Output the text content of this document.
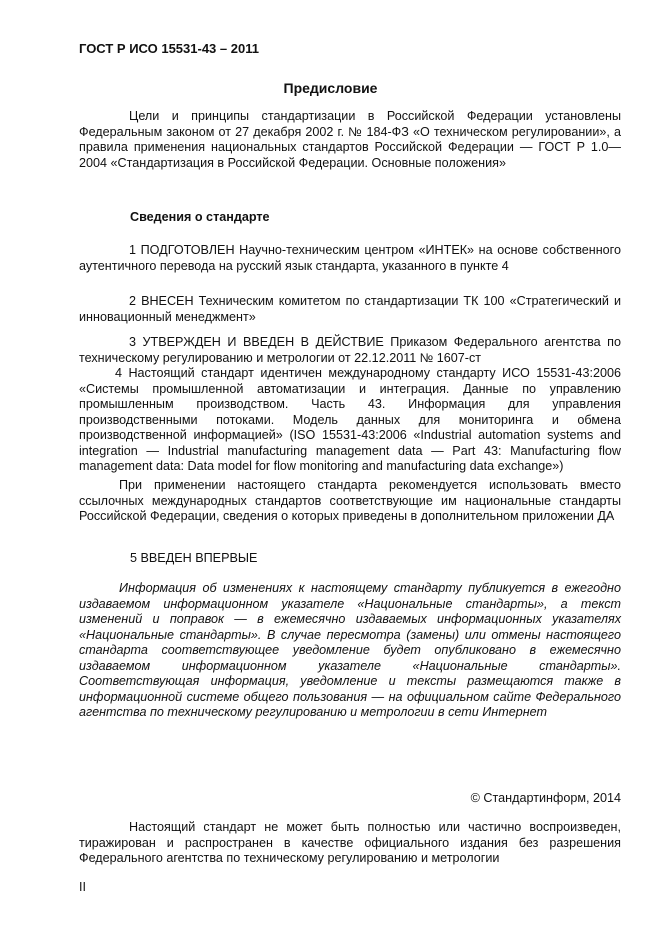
ГОСТ Р ИСО 15531-43 – 2011
Предисловие
Цели и принципы стандартизации в Российской Федерации установлены Федеральным законом от 27 декабря 2002 г. № 184-ФЗ «О техническом регулировании», а правила применения национальных стандартов Российской Федерации — ГОСТ Р 1.0—2004 «Стандартизация в Российской Федерации. Основные положения»
Сведения о стандарте
1 ПОДГОТОВЛЕН Научно-техническим центром «ИНТЕК» на основе собственного аутентичного перевода на русский язык стандарта, указанного в пункте 4
2 ВНЕСЕН Техническим комитетом по стандартизации ТК 100 «Стратегический и инновационный менеджмент»
3 УТВЕРЖДЕН И ВВЕДЕН В ДЕЙСТВИЕ Приказом Федерального агентства по техническому регулированию и метрологии от 22.12.2011 № 1607-ст
4 Настоящий стандарт идентичен международному стандарту ИСО 15531-43:2006 «Системы промышленной автоматизации и интеграция. Данные по управлению промышленным производством. Часть 43. Информация для управления производственными потоками. Модель данных для мониторинга и обмена производственной информацией» (ISO 15531-43:2006 «Industrial automation systems and integration — Industrial manufacturing management data — Part 43: Manufacturing flow management data: Data model for flow monitoring and manufacturing data exchange»)
При применении настоящего стандарта рекомендуется использовать вместо ссылочных международных стандартов соответствующие им национальные стандарты Российской Федерации, сведения о которых приведены в дополнительном приложении ДА
5 ВВЕДЕН ВПЕРВЫЕ
Информация об изменениях к настоящему стандарту публикуется в ежегодно издаваемом информационном указателе «Национальные стандарты», а текст изменений и поправок — в ежемесячно издаваемых информационных указателях «Национальные стандарты». В случае пересмотра (замены) или отмены настоящего стандарта соответствующее уведомление будет опубликовано в ежемесячно издаваемом информационном указателе «Национальные стандарты». Соответствующая информация, уведомление и тексты размещаются также в информационной системе общего пользования — на официальном сайте Федерального агентства по техническому регулированию и метрологии в сети Интернет
© Стандартинформ, 2014
Настоящий стандарт не может быть полностью или частично воспроизведен, тиражирован и распространен в качестве официального издания без разрешения Федерального агентства по техническому регулированию и метрологии
II
